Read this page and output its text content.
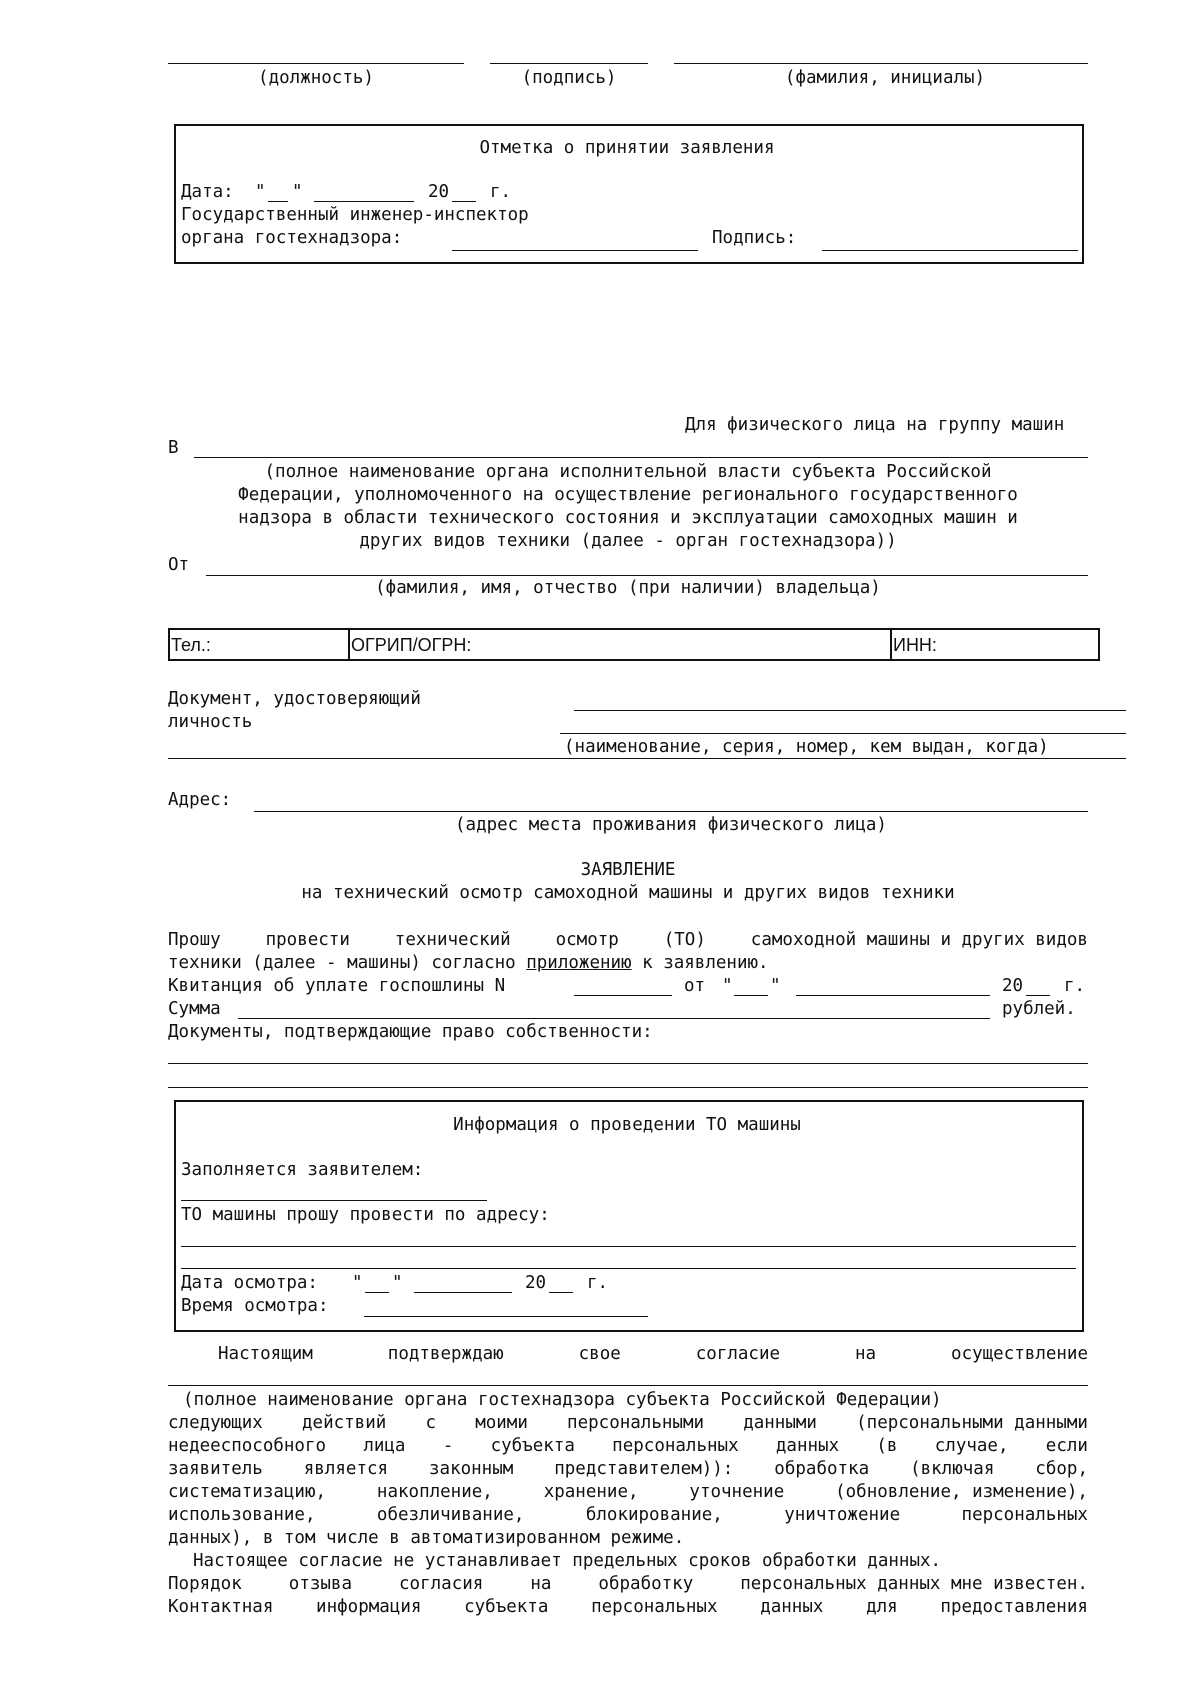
(должность)	(подпись)	(фамилия, инициалы)
Отметка о принятии заявления
Дата: " "	20 г.
Государственный инженер-инспектор
органа гостехнадзора:	Подпись:
Для физического лица на группу машин
В
(полное наименование органа исполнительной власти субъекта Российской
Федерации, уполномоченного на осуществление регионального государственного
надзора в области технического состояния и эксплуатации самоходных машин и
других видов техники (далее - орган гостехнадзора))
От
(фамилия, имя, отчество (при наличии) владельца)
Тел.:	ОГРИП/ОГРН:	ИНН:
Документ, удостоверяющий
личность
(наименование, серия, номер, кем выдан, когда)
Адрес:
(адрес места проживания физического лица)
ЗАЯВЛЕНИЕ
на технический осмотр самоходной машины и других видов техники
Прошу	провести	технический	осмотр	(ТО)	самоходной машины и других видов
техники (далее - машины) согласно приложению к заявлению.
Квитанция об уплате госпошлины N	от " "	20 г.
Сумма	рублей.
Документы, подтверждающие право собственности:
Информация о проведении ТО машины
Заполняется заявителем:
ТО машины прошу провести по адресу:
Дата осмотра: " "	20 г.
Время осмотра:
Настоящим	подтверждаю	свое	согласие	на	осуществление
(полное наименование органа гостехнадзора субъекта Российской Федерации)
следующих действий с моими персональными данными (персональными данными
недееспособного лица - субъекта персональных данных (в случае, если
заявитель является законным представителем)): обработка (включая сбор,
систематизацию,	накопление,	хранение,	уточнение	(обновление, изменение),
использование,	обезличивание,	блокирование,	уничтожение	персональных
данных), в том числе в автоматизированном режиме.
Настоящее согласие не устанавливает предельных сроков обработки данных.
Порядок	отзыва	согласия	на	обработку	персональных данных мне известен.
Контактная информация субъекта персональных данных для предоставления
